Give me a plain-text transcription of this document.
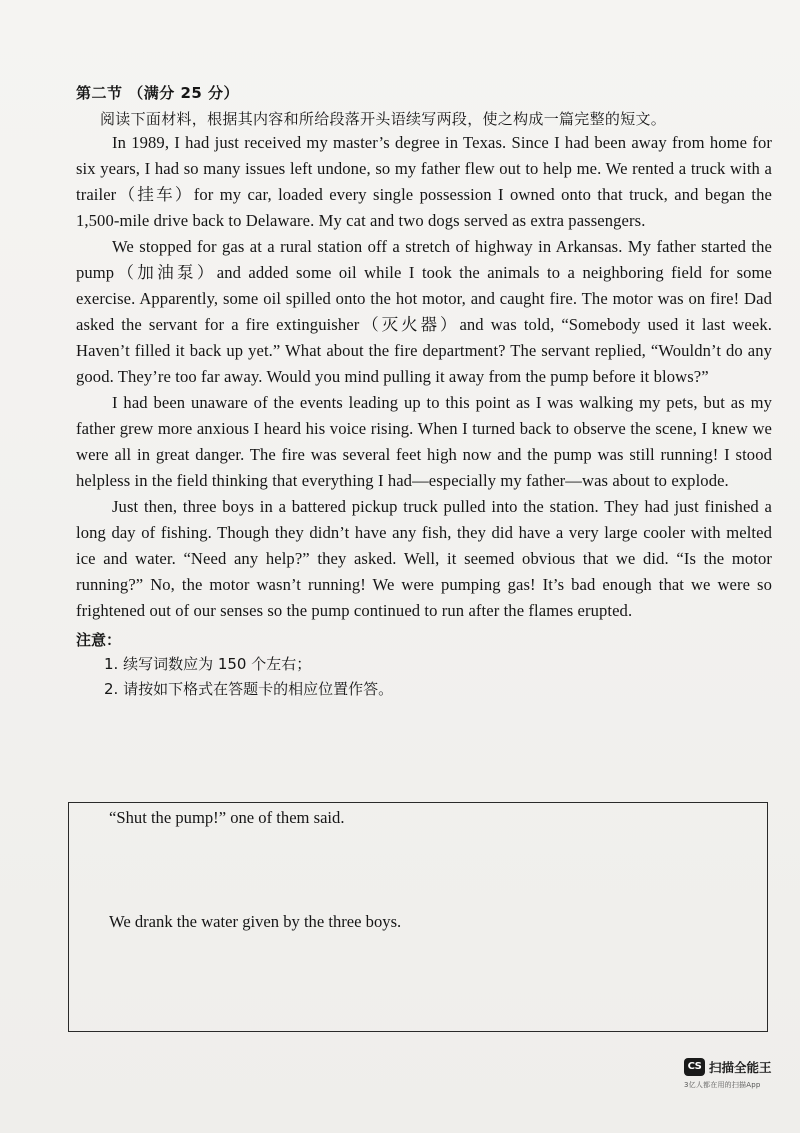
第二节 （满分 25 分）

阅读下面材料，根据其内容和所给段落开头语续写两段，使之构成一篇完整的短文。

In 1989, I had just received my master’s degree in Texas. Since I had been away from home for six years, I had so many issues left undone, so my father flew out to help me. We rented a truck with a trailer（挂车）for my car, loaded every single possession I owned onto that truck, and began the 1,500-mile drive back to Delaware. My cat and two dogs served as extra passengers.

We stopped for gas at a rural station off a stretch of highway in Arkansas. My father started the pump（加油泵）and added some oil while I took the animals to a neighboring field for some exercise. Apparently, some oil spilled onto the hot motor, and caught fire. The motor was on fire! Dad asked the servant for a fire extinguisher（灭火器）and was told, “Somebody used it last week. Haven’t filled it back up yet.” What about the fire department? The servant replied, “Wouldn’t do any good. They’re too far away. Would you mind pulling it away from the pump before it blows?”

I had been unaware of the events leading up to this point as I was walking my pets, but as my father grew more anxious I heard his voice rising. When I turned back to observe the scene, I knew we were all in great danger. The fire was several feet high now and the pump was still running! I stood helpless in the field thinking that everything I had—especially my father—was about to explode.

Just then, three boys in a battered pickup truck pulled into the station. They had just finished a long day of fishing. Though they didn’t have any fish, they did have a very large cooler with melted ice and water. “Need any help?” they asked. Well, it seemed obvious that we did. “Is the motor running?” No, the motor wasn’t running! We were pumping gas! It’s bad enough that we were so frightened out of our senses so the pump continued to run after the flames erupted.

注意：

1. 续写词数应为 150 个左右；

2. 请按如下格式在答题卡的相应位置作答。

“Shut the pump!” one of them said.

We drank the water given by the three boys.

CS 扫描全能王
3亿人都在用的扫描App
